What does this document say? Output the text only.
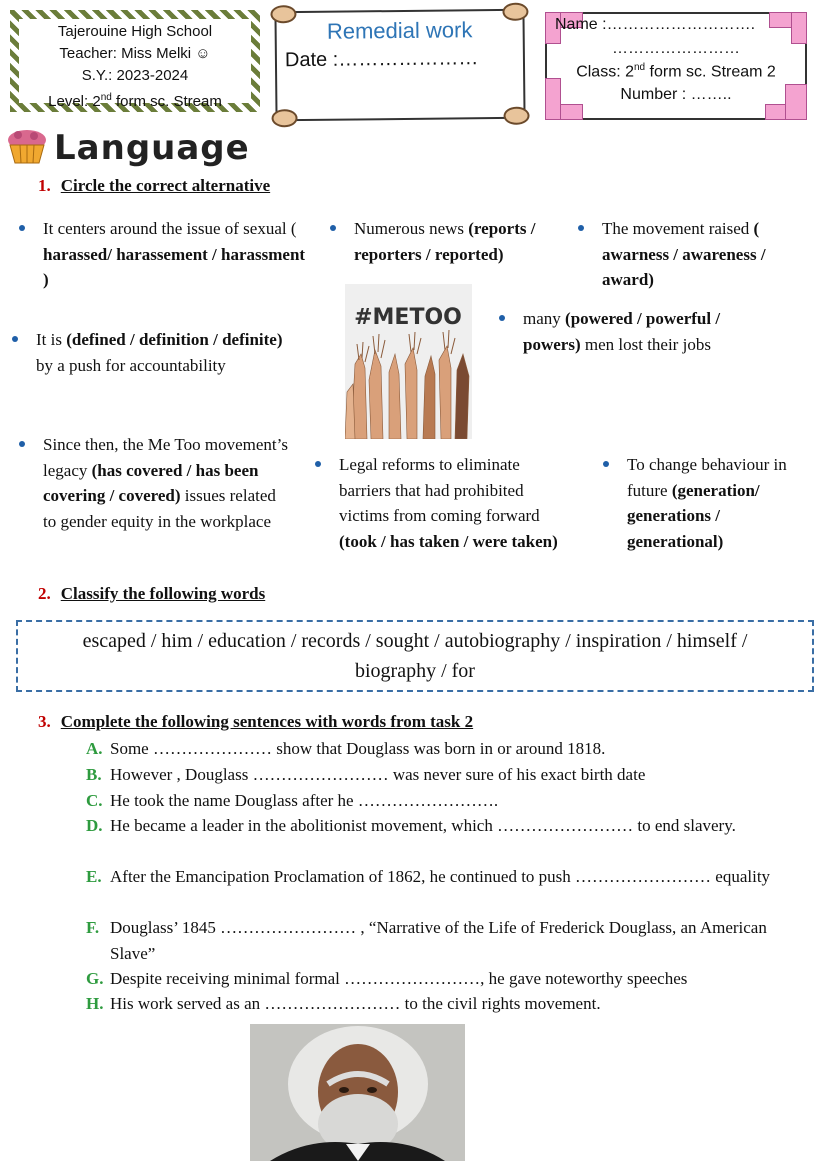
Tajerouine High School
Teacher: Miss Melki ☺
S.Y.: 2023-2024
Level: 2nd form sc. Stream
Remedial work
Date :…………………
Name :……………………….
……………………
Class: 2nd form sc. Stream 2
Number : ……..
Language
1. Circle the correct alternative
It centers around the issue of sexual ( harassed/ harassement / harassment )
Numerous news (reports / reporters / reported)
The movement raised ( awarness / awareness / award)
It is (defined / definition / definite) by a push for accountability
#METOO	many (powered / powerful / powers) men lost their jobs
Since then, the Me Too movement’s legacy (has covered / has been covering / covered) issues related to gender equity in the workplace
Legal reforms to eliminate barriers that had prohibited victims from coming forward (took / has taken / were taken)
To change behaviour in future (generation/ generations / generational)
2. Classify the following words
escaped / him / education / records / sought / autobiography / inspiration / himself /
biography / for
3. Complete the following sentences with words from task 2
A. Some ………………… show that Douglass was born in or around 1818.
B. However , Douglass …………………… was never sure of his exact birth date
C. He took the name Douglass after he …………………….
D. He became a leader in the abolitionist movement, which …………………… to end slavery.
E. After the Emancipation Proclamation of 1862, he continued to push …………………… equality
F. Douglass’ 1845 …………………… , “Narrative of the Life of Frederick Douglass, an American Slave”
G. Despite receiving minimal formal ……………………, he gave noteworthy speeches
H. His work served as an …………………… to the civil rights movement.
